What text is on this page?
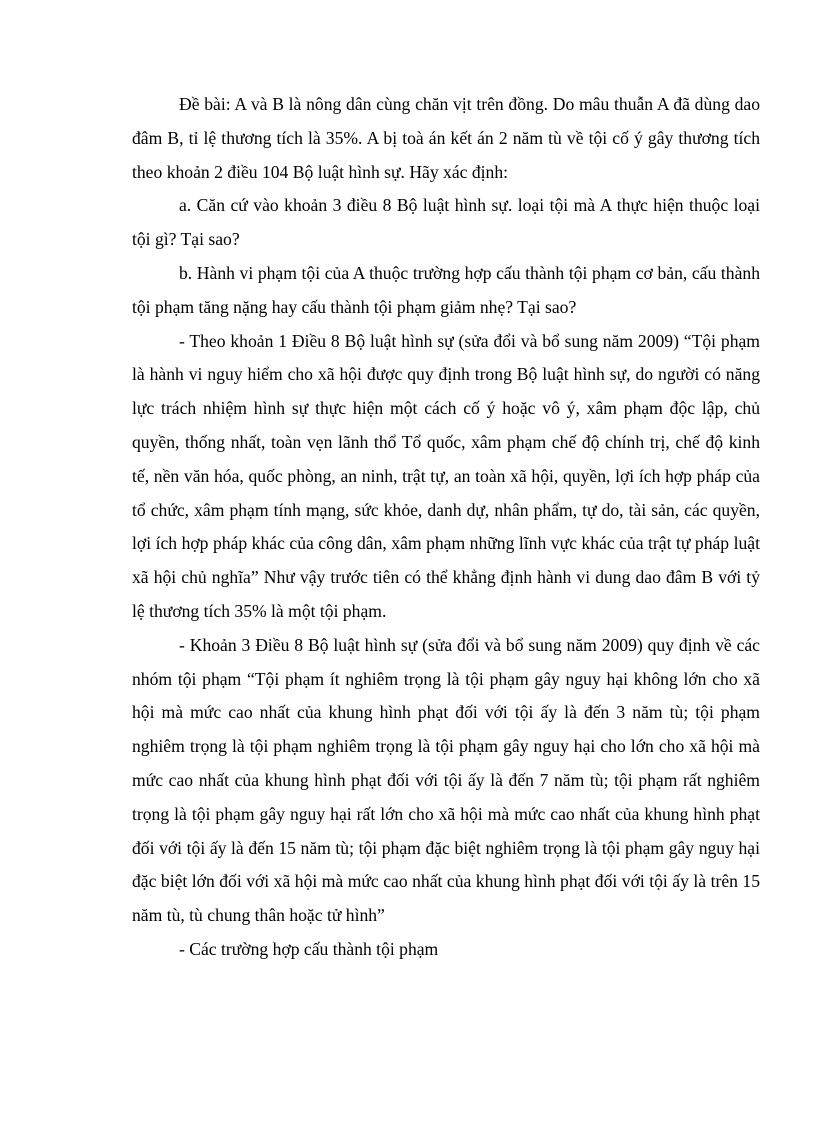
Đề bài: A và B là nông dân cùng chăn vịt trên đồng. Do mâu thuẫn A đã dùng dao đâm B, tỉ lệ thương tích là 35%. A bị toà án kết án 2 năm tù về tội cố ý gây thương tích theo khoản 2 điều 104 Bộ luật hình sự. Hãy xác định:

a. Căn cứ vào khoản 3 điều 8 Bộ luật hình sự. loại tội mà A thực hiện thuộc loại tội gì? Tại sao?

b. Hành vi phạm tội của A thuộc trường hợp cấu thành tội phạm cơ bản, cấu thành tội phạm tăng nặng hay cấu thành tội phạm giảm nhẹ? Tại sao?

- Theo khoản 1 Điều 8 Bộ luật hình sự (sửa đổi và bổ sung năm 2009) “Tội phạm là hành vi nguy hiểm cho xã hội được quy định trong Bộ luật hình sự, do người có năng lực trách nhiệm hình sự thực hiện một cách cố ý hoặc vô ý, xâm phạm độc lập, chủ quyền, thống nhất, toàn vẹn lãnh thổ Tổ quốc, xâm phạm chế độ chính trị, chế độ kinh tế, nền văn hóa, quốc phòng, an ninh, trật tự, an toàn xã hội, quyền, lợi ích hợp pháp của tổ chức, xâm phạm tính mạng, sức khỏe, danh dự, nhân phẩm, tự do, tài sản, các quyền, lợi ích hợp pháp khác của công dân, xâm phạm những lĩnh vực khác của trật tự pháp luật xã hội chủ nghĩa” Như vậy trước tiên có thể khẳng định hành vi dung dao đâm B với tỷ lệ thương tích 35% là một tội phạm.

- Khoản 3 Điều 8 Bộ luật hình sự (sửa đổi và bổ sung năm 2009) quy định về các nhóm tội phạm “Tội phạm ít nghiêm trọng là tội phạm gây nguy hại không lớn cho xã hội mà mức cao nhất của khung hình phạt đối với tội ấy là đến 3 năm tù; tội phạm nghiêm trọng là tội phạm nghiêm trọng là tội phạm gây nguy hại cho lớn cho xã hội mà mức cao nhất của khung hình phạt đối với tội ấy là đến 7 năm tù; tội phạm rất nghiêm trọng là tội phạm gây nguy hại rất lớn cho xã hội mà mức cao nhất của khung hình phạt đối với tội ấy là đến 15 năm tù; tội phạm đặc biệt nghiêm trọng là tội phạm gây nguy hại đặc biệt lớn đối với xã hội mà mức cao nhất của khung hình phạt đối với tội ấy là trên 15 năm tù, tù chung thân hoặc tử hình”

- Các trường hợp cấu thành tội phạm
